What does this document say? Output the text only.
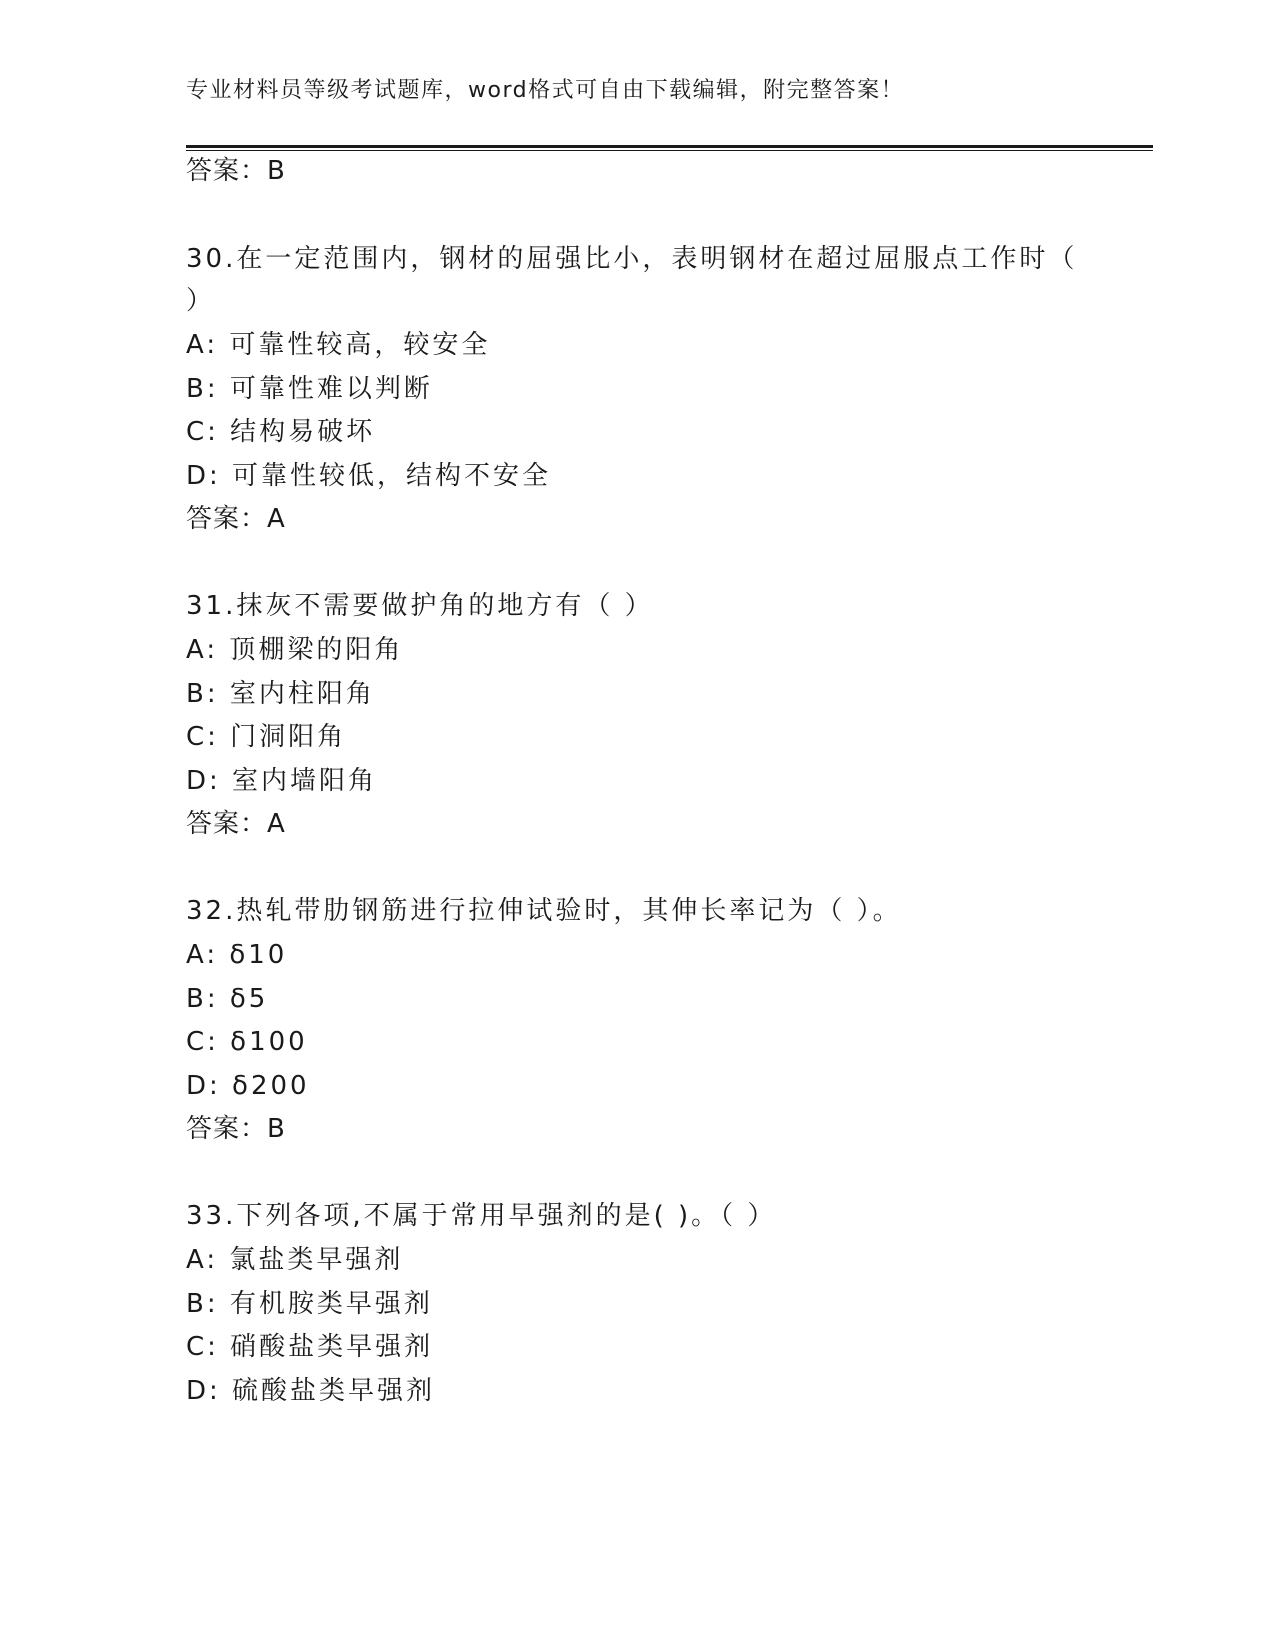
专业材料员等级考试题库，word格式可自由下载编辑，附完整答案！
答案：B
30.在一定范围内，钢材的屈强比小，表明钢材在超过屈服点工作时（
）
A: 可靠性较高，较安全
B: 可靠性难以判断
C: 结构易破坏
D: 可靠性较低，结构不安全
答案：A
31.抹灰不需要做护角的地方有（ ）
A: 顶棚梁的阳角
B: 室内柱阳角
C: 门洞阳角
D: 室内墙阳角
答案：A
32.热轧带肋钢筋进行拉伸试验时，其伸长率记为（ ）。
A: δ10
B: δ5
C: δ100
D: δ200
答案：B
33.下列各项,不属于常用早强剂的是( )。（ ）
A: 氯盐类早强剂
B: 有机胺类早强剂
C: 硝酸盐类早强剂
D: 硫酸盐类早强剂
